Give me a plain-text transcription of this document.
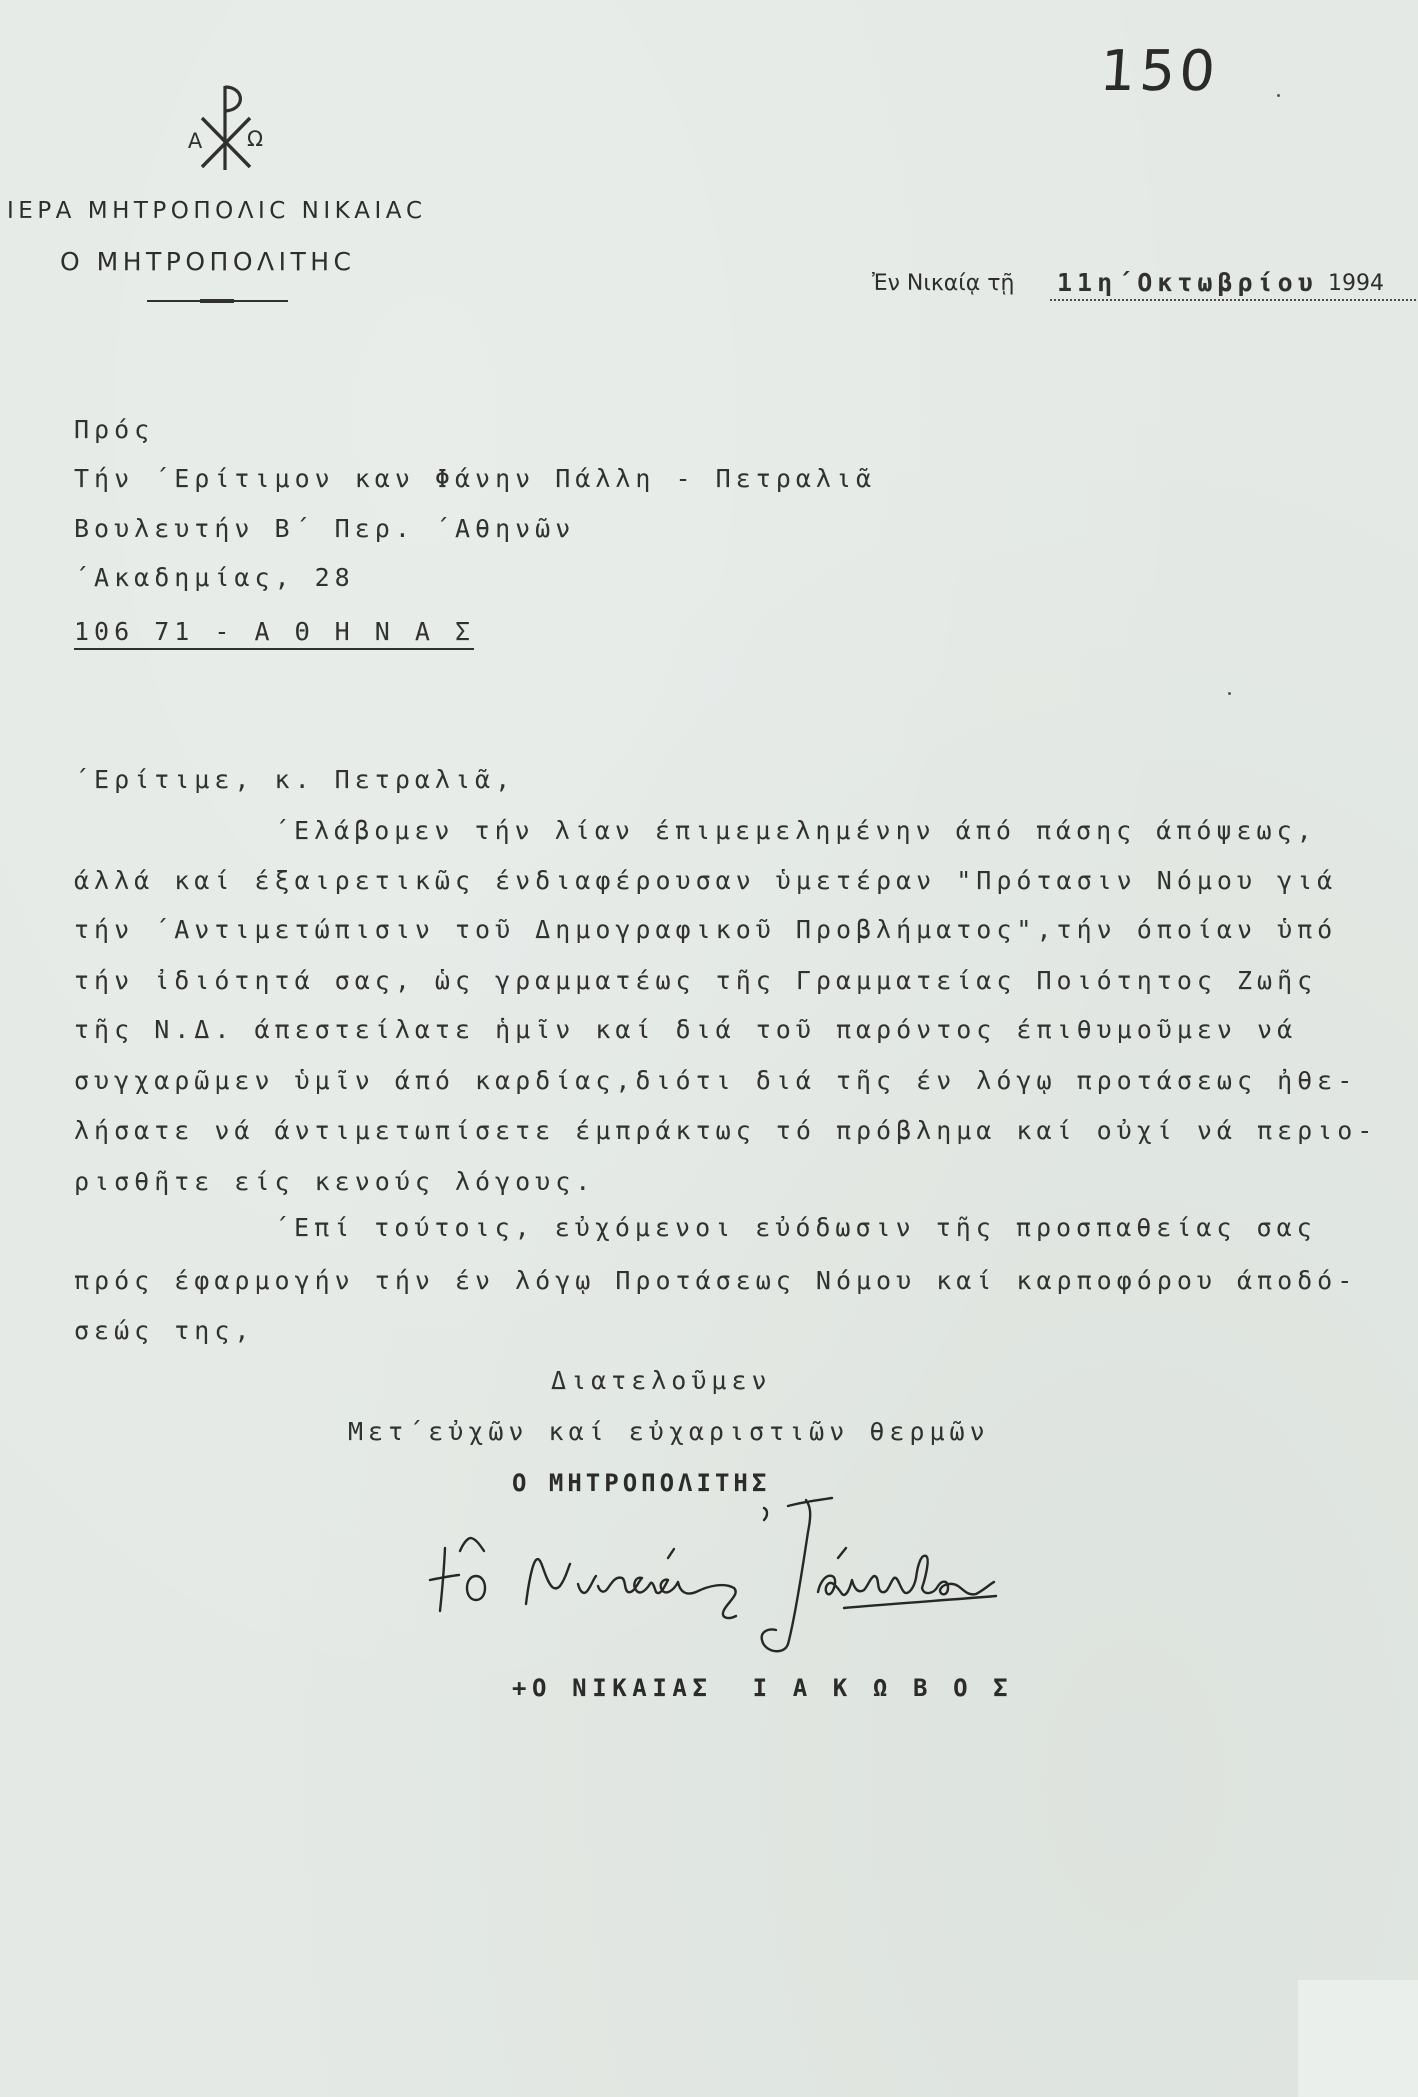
150
Α Ω
ΙΕΡΑ ΜΗΤΡΟΠΟΛΙϹ ΝΙΚΑΙΑϹ
Ο ΜΗΤΡΟΠΟΛΙΤΗϹ
Ἐν Νικαίᾳ τῇ 11η΄Οκτωβρίου 1994
Πρός
Τήν ΄Ερίτιμον καν Φάνην Πάλλη - Πετραλιᾶ
Βουλευτήν Β΄ Περ. ΄Αθηνῶν
΄Ακαδημίας, 28
106 71 - Α Θ Η Ν Α Σ
΄Ερίτιμε, κ. Πετραλιᾶ,
΄Ελάβομεν τήν λίαν έπιμεμελημένην άπό πάσης άπόψεως,
άλλά καί έξαιρετικῶς ένδιαφέρουσαν ὑμετέραν "Πρότασιν Νόμου γιά
τήν ΄Αντιμετώπισιν τοῦ Δημογραφικοῦ Προβλήματος",τήν όποίαν ὑπό
τήν ἰδιότητά σας, ὡς γραμματέως τῆς Γραμματείας Ποιότητος Ζωῆς
τῆς Ν.Δ. άπεστείλατε ἡμῖν καί διά τοῦ παρόντος έπιθυμοῦμεν νά
συγχαρῶμεν ὑμῖν άπό καρδίας,διότι διά τῆς έν λόγῳ προτάσεως ἠθε-
λήσατε νά άντιμετωπίσετε έμπράκτως τό πρόβλημα καί οὐχί νά περιο-
ρισθῆτε είς κενούς λόγους.
΄Επί τούτοις, εὐχόμενοι εὐόδωσιν τῆς προσπαθείας σας
πρός έφαρμογήν τήν έν λόγῳ Προτάσεως Νόμου καί καρποφόρου άποδό-
σεώς της,
Διατελοῦμεν
Μετ΄εὐχῶν καί εὐχαριστιῶν θερμῶν
Ο ΜΗΤΡΟΠΟΛΙΤΗΣ
+Ο ΝΙΚΑΙΑΣ  Ι Α Κ Ω Β Ο Σ
